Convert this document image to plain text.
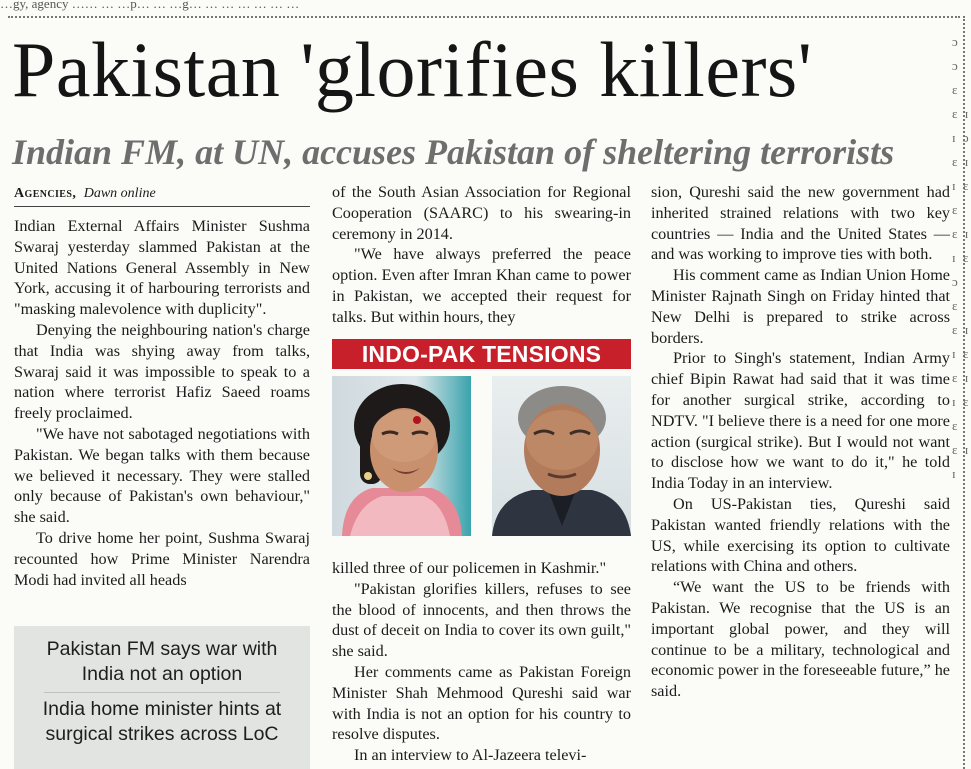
…gy, agency …… … …p… … …g… … … … … … …
ɔ ɔ ɛ ɛ ɪ ɪ ɔ ɛ ɪ ɪ ɛ ɛ ɛ ɪ ɪ ɛ ɔ ɛ ɛ ɪ ɪ ɛ ɛ ɪ ɪ ɛ ɛ ɛ ɪ ɪ
Pakistan 'glorifies killers'
Indian FM, at UN, accuses Pakistan of sheltering terrorists
Agencies, Dawn online

Indian External Affairs Minister Sushma Swaraj yesterday slammed Pakistan at the United Nations General Assembly in New York, accusing it of harbouring terrorists and "masking malevolence with duplicity".

Denying the neighbouring nation's charge that India was shying away from talks, Swaraj said it was impossible to speak to a nation where terrorist Hafiz Saeed roams freely proclaimed.

"We have not sabotaged negotiations with Pakistan. We began talks with them because we believed it necessary. They were stalled only because of Pakistan's own behaviour," she said.

To drive home her point, Sushma Swaraj recounted how Prime Minister Narendra Modi had invited all heads

Pakistan FM says war with India not an option
India home minister hints at surgical strikes across LoC

of the South Asian Association for Regional Cooperation (SAARC) to his swearing-in ceremony in 2014.

"We have always preferred the peace option. Even after Imran Khan came to power in Pakistan, we accepted their request for talks. But within hours, they

INDO-PAK TENSIONS

killed three of our policemen in Kashmir."

"Pakistan glorifies killers, refuses to see the blood of innocents, and then throws the dust of deceit on India to cover its own guilt," she said.

Her comments came as Pakistan Foreign Minister Shah Mehmood Qureshi said war with India is not an option for his country to resolve disputes.

In an interview to Al-Jazeera televi-

sion, Qureshi said the new government had inherited strained relations with two key countries — India and the United States — and was working to improve ties with both.

His comment came as Indian Union Home Minister Rajnath Singh on Friday hinted that New Delhi is prepared to strike across borders.

Prior to Singh's statement, Indian Army chief Bipin Rawat had said that it was time for another surgical strike, according to NDTV. "I believe there is a need for one more action (surgical strike). But I would not want to disclose how we want to do it," he told India Today in an interview.

On US-Pakistan ties, Qureshi said Pakistan wanted friendly relations with the US, while exercising its option to cultivate relations with China and others.

“We want the US to be friends with Pakistan. We recognise that the US is an important global power, and they will continue to be a military, technological and economic power in the foreseeable future,” he said.
